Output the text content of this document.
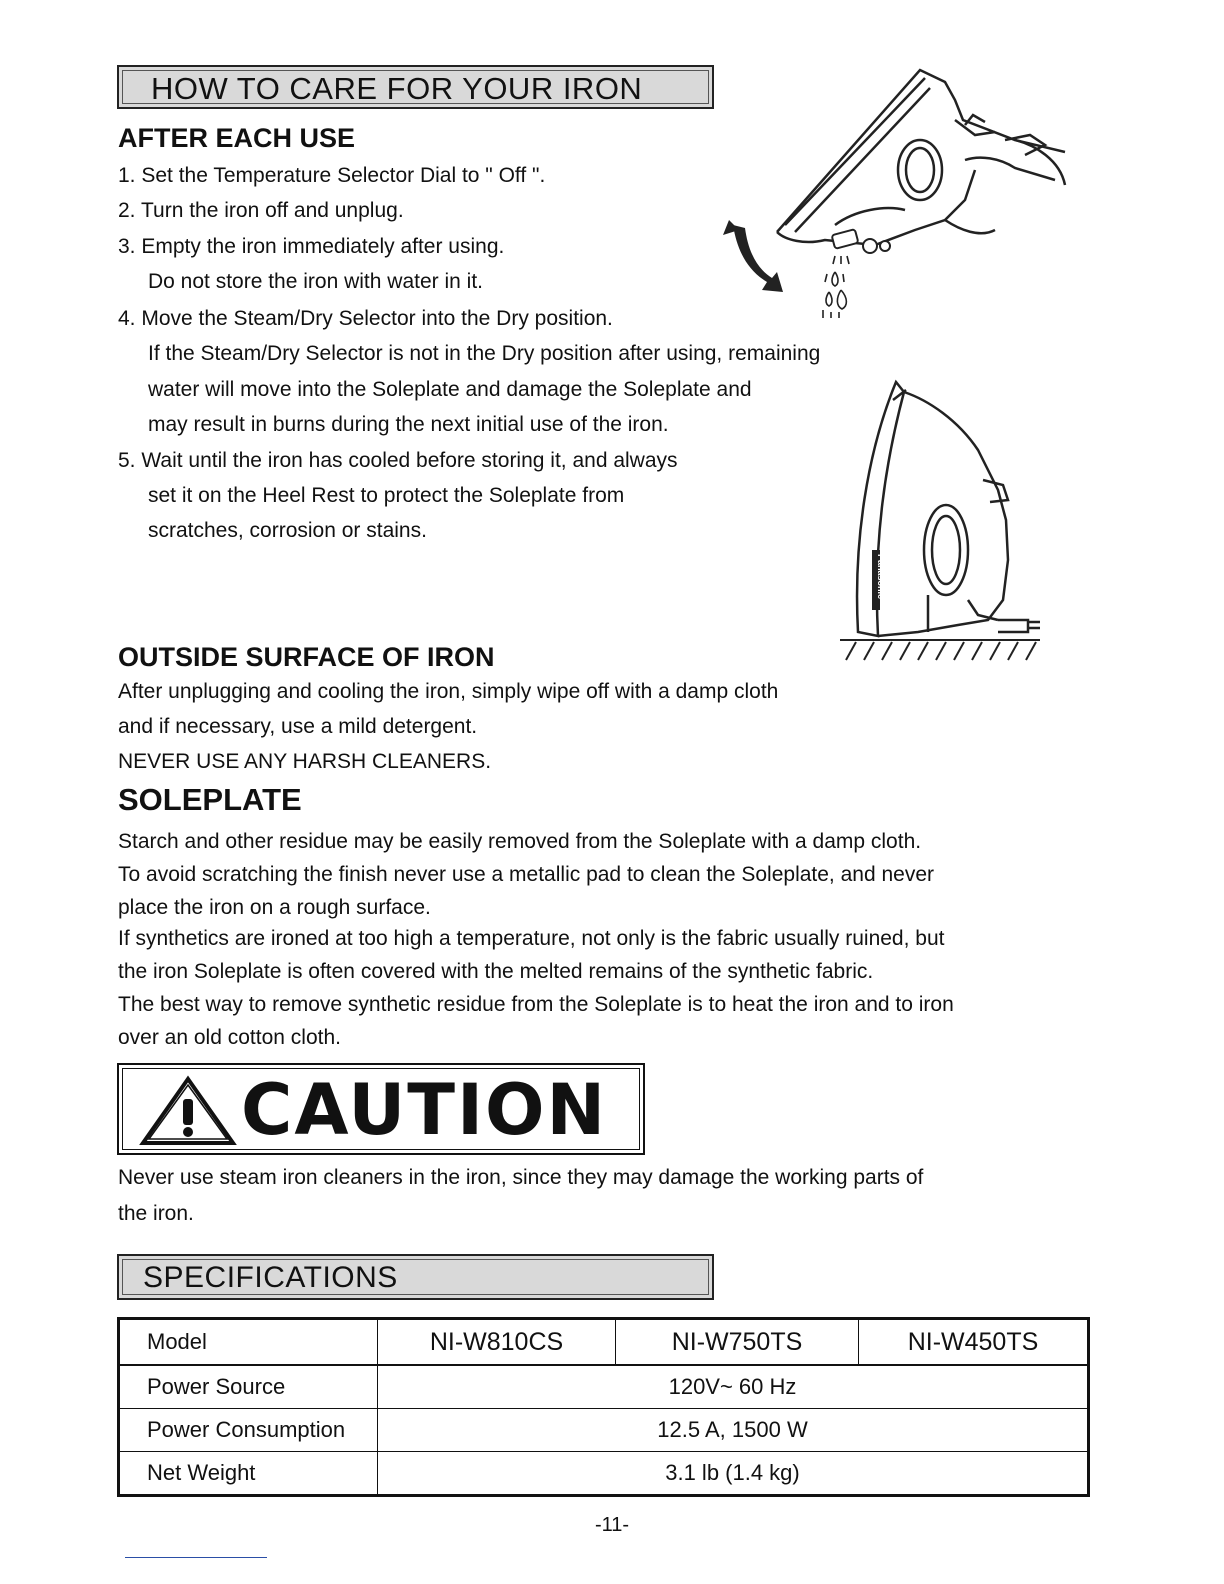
HOW TO CARE FOR YOUR IRON
AFTER EACH USE
1. Set the Temperature Selector Dial to " Off ".
2. Turn the iron off and unplug.
3. Empty the iron immediately after using.
Do not store the iron with water in it.
4. Move the Steam/Dry Selector into the Dry position.
If the Steam/Dry Selector is not in the Dry position after using, remaining
water will move into the Soleplate and damage the Soleplate and
may result in burns during the next initial use of the iron.
5. Wait until the iron has cooled before storing it, and always
set it on the Heel Rest to protect the Soleplate from
scratches, corrosion or stains.
Panasonic
OUTSIDE SURFACE OF IRON
After unplugging and cooling the iron, simply wipe off with a damp cloth
and if necessary, use a mild detergent.
NEVER USE ANY HARSH CLEANERS.
SOLEPLATE
Starch and other residue may be easily removed from the Soleplate with a damp cloth.
To avoid scratching the finish never use a metallic pad to clean the Soleplate, and never
place the iron on a rough surface.
If synthetics are ironed at too high a temperature, not only is the fabric usually ruined, but
the iron Soleplate is often covered with the melted remains of the synthetic fabric.
The best way to remove synthetic residue from the Soleplate is to heat the iron and to iron
over an old cotton cloth.
CAUTION
Never use steam iron cleaners in the iron, since they may damage the working parts of
the iron.
SPECIFICATIONS
Model	NI-W810CS	NI-W750TS	NI-W450TS
Power Source	120V~ 60 Hz		
Power Consumption	12.5 A, 1500 W		
Net Weight	3.1 lb (1.4 kg)		
-11-
